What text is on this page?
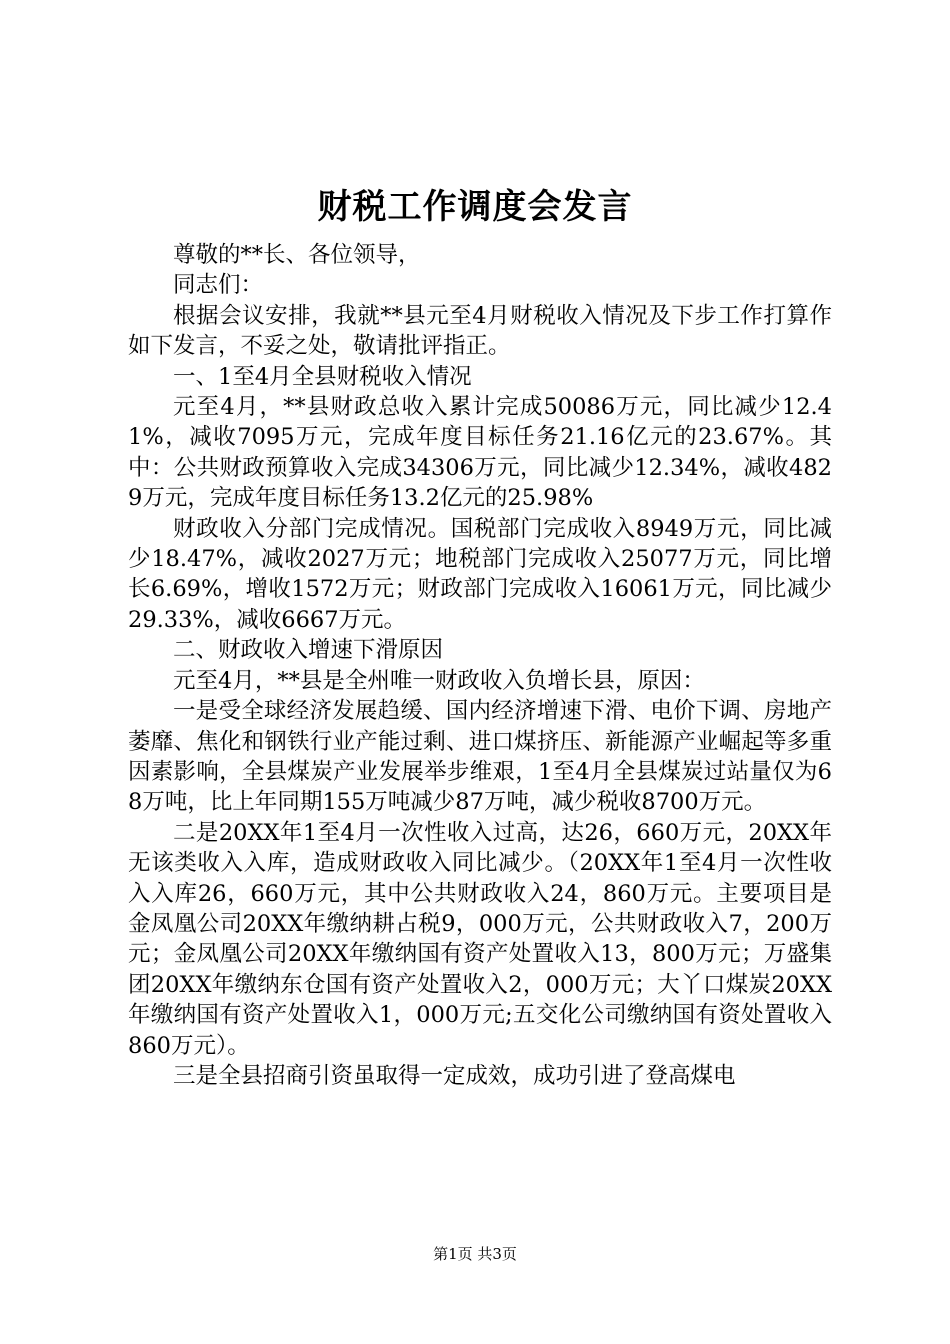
财税工作调度会发言

尊敬的**长、各位领导，

同志们：

根据会议安排，我就**县元至4月财税收入情况及下步工作打算作如下发言，不妥之处，敬请批评指正。

一、1至4月全县财税收入情况

元至4月，**县财政总收入累计完成50086万元，同比减少12.41%，减收7095万元，完成年度目标任务21.16亿元的23.67%。其中：公共财政预算收入完成34306万元，同比减少12.34%，减收4829万元，完成年度目标任务13.2亿元的25.98%

财政收入分部门完成情况。国税部门完成收入8949万元，同比减少18.47%，减收2027万元；地税部门完成收入25077万元，同比增长6.69%，增收1572万元；财政部门完成收入16061万元，同比减少29.33%，减收6667万元。

二、财政收入增速下滑原因

元至4月，**县是全州唯一财政收入负增长县，原因：

一是受全球经济发展趋缓、国内经济增速下滑、电价下调、房地产萎靡、焦化和钢铁行业产能过剩、进口煤挤压、新能源产业崛起等多重因素影响，全县煤炭产业发展举步维艰，1至4月全县煤炭过站量仅为68万吨，比上年同期155万吨减少87万吨，减少税收8700万元。

二是20XX年1至4月一次性收入过高，达26，660万元，20XX年无该类收入入库，造成财政收入同比减少。（20XX年1至4月一次性收入入库26，660万元，其中公共财政收入24，860万元。主要项目是金凤凰公司20XX年缴纳耕占税9，000万元，公共财政收入7，200万元；金凤凰公司20XX年缴纳国有资产处置收入13，800万元；万盛集团20XX年缴纳东仓国有资产处置收入2，000万元；大丫口煤炭20XX年缴纳国有资产处置收入1，000万元;五交化公司缴纳国有资处置收入860万元）。

三是全县招商引资虽取得一定成效，成功引进了登高煤电

第1页 共3页
